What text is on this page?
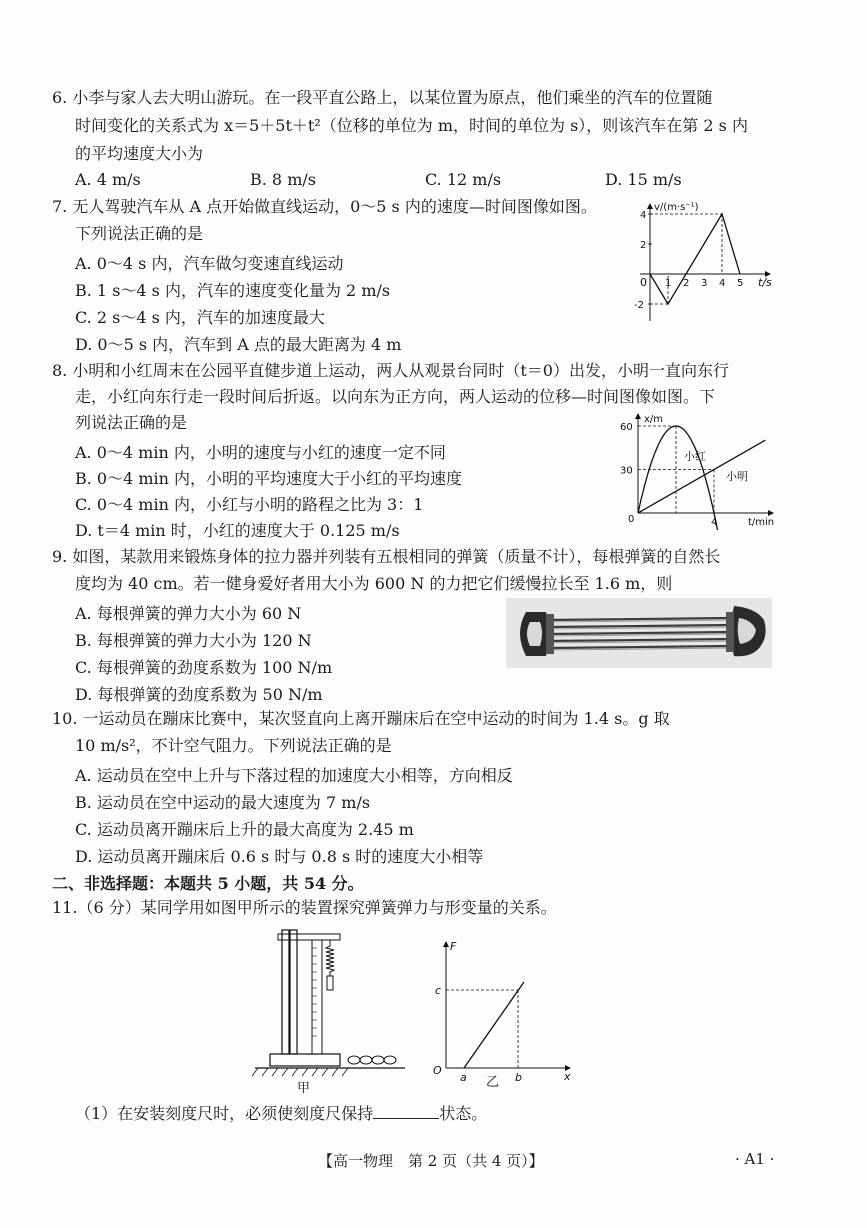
6. 小李与家人去大明山游玩。在一段平直公路上，以某位置为原点，他们乘坐的汽车的位置随
时间变化的关系式为 x＝5＋5t＋t²（位移的单位为 m，时间的单位为 s），则该汽车在第 2 s 内
的平均速度大小为
A. 4 m/s	B. 8 m/s	C. 12 m/s	D. 15 m/s
7. 无人驾驶汽车从 A 点开始做直线运动，0～5 s 内的速度—时间图像如图。
下列说法正确的是
A. 0～4 s 内，汽车做匀变速直线运动
B. 1 s～4 s 内，汽车的速度变化量为 2 m/s
C. 2 s～4 s 内，汽车的加速度最大
D. 0～5 s 内，汽车到 A 点的最大距离为 4 m
1 2 3 4 5
4
2
-2
v/(m·s⁻¹)
t/s
0
8. 小明和小红周末在公园平直健步道上运动，两人从观景台同时（t＝0）出发，小明一直向东行
走，小红向东行走一段时间后折返。以向东为正方向，两人运动的位移—时间图像如图。下
列说法正确的是
A. 0～4 min 内，小明的速度与小红的速度一定不同
B. 0～4 min 内，小明的平均速度大于小红的平均速度
C. 0～4 min 内，小红与小明的路程之比为 3：1
D. t＝4 min 时，小红的速度大于 0.125 m/s
60
30
4
x/m
t/min
0
小红
小明
9. 如图，某款用来锻炼身体的拉力器并列装有五根相同的弹簧（质量不计），每根弹簧的自然长
度均为 40 cm。若一健身爱好者用大小为 600 N 的力把它们缓慢拉长至 1.6 m，则
A. 每根弹簧的弹力大小为 60 N
B. 每根弹簧的弹力大小为 120 N
C. 每根弹簧的劲度系数为 100 N/m
D. 每根弹簧的劲度系数为 50 N/m
10. 一运动员在蹦床比赛中，某次竖直向上离开蹦床后在空中运动的时间为 1.4 s。g 取
10 m/s²，不计空气阻力。下列说法正确的是
A. 运动员在空中上升与下落过程的加速度大小相等，方向相反
B. 运动员在空中运动的最大速度为 7 m/s
C. 运动员离开蹦床后上升的最大高度为 2.45 m
D. 运动员离开蹦床后 0.6 s 时与 0.8 s 时的速度大小相等
二、非选择题：本题共 5 小题，共 54 分。
11.（6 分）某同学用如图甲所示的装置探究弹簧弹力与形变量的关系。
甲
F
x
O
c
a	b
乙
（1）在安装刻度尺时，必须使刻度尺保持	状态。
【高一物理　第 2 页（共 4 页）】	· A1 ·
